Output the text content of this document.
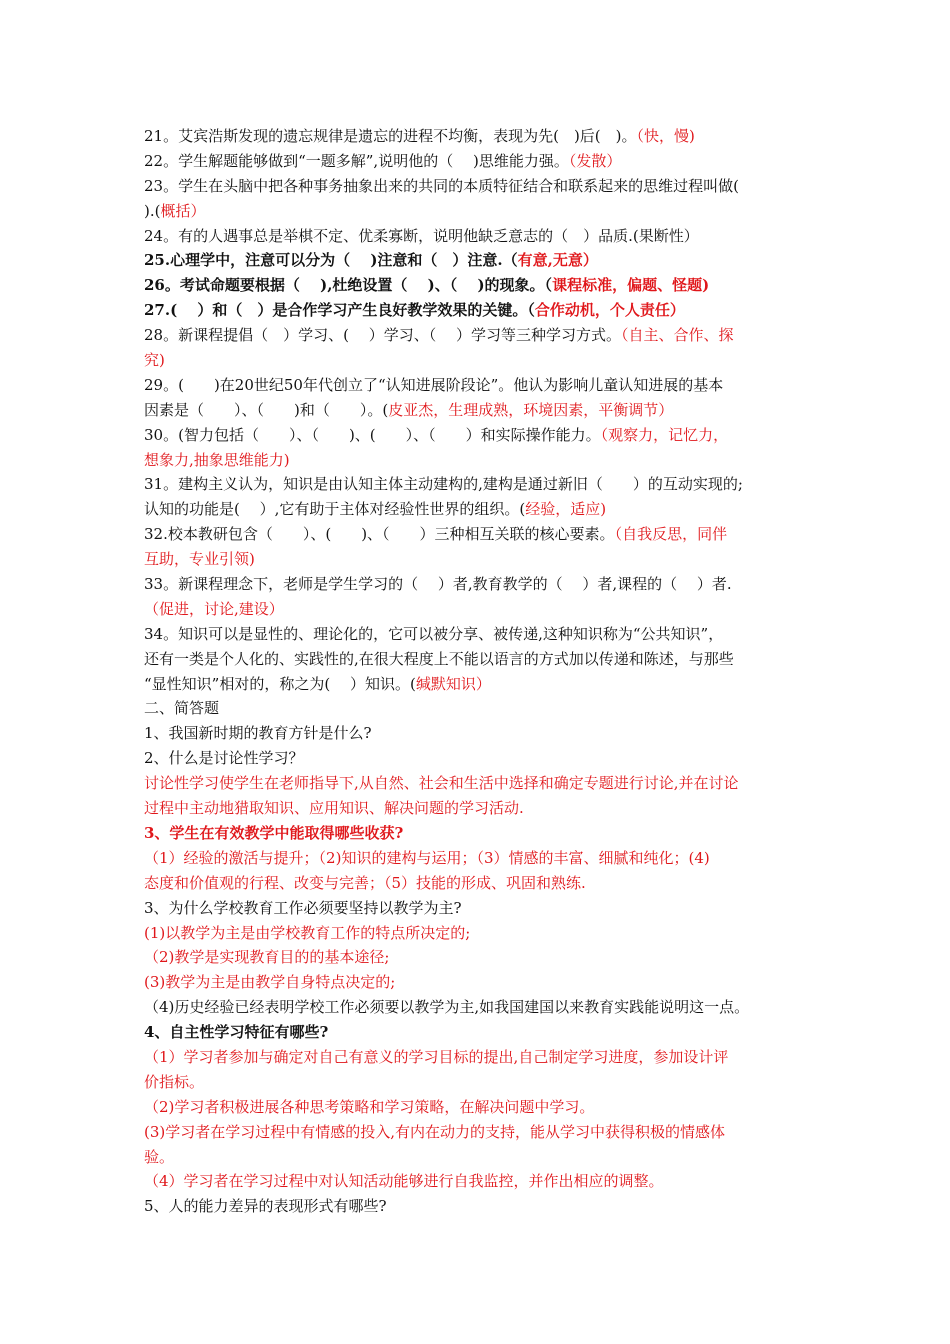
21。艾宾浩斯发现的遗忘规律是遗忘的进程不均衡，表现为先(　)后(　)。（快，慢)
22。学生解题能够做到“一题多解”,说明他的（　 )思维能力强。（发散）
23。学生在头脑中把各种事务抽象出来的共同的本质特征结合和联系起来的思维过程叫做(
).(概括）
24。有的人遇事总是举棋不定、优柔寡断，说明他缺乏意志的（　）品质.(果断性）
25.心理学中，注意可以分为（　 )注意和（　）注意.（有意,无意）
26。考试命题要根据（　 ),杜绝设置（　 )、（　 )的现象。（课程标准，偏题、怪题)
27.(　 ）和（　）是合作学习产生良好教学效果的关键。（合作动机，个人责任）
28。新课程提倡（　）学习、(　 ）学习、（　 ）学习等三种学习方式。（自主、合作、探
究)
29。(　　)在20世纪50年代创立了“认知进展阶段论”。他认为影响儿童认知进展的基本
因素是（　　）、（　　)和（　　）。(皮亚杰，生理成熟，环境因素，平衡调节）
30。(智力包括（　　）、（　　)、(　　）、（　　）和实际操作能力。（观察力，记忆力，
想象力,抽象思维能力)
31。建构主义认为，知识是由认知主体主动建构的,建构是通过新旧（　　）的互动实现的;
认知的功能是(　 ）,它有助于主体对经验性世界的组织。(经验，适应)
32.校本教研包含（　　）、(　　)、（　　）三种相互关联的核心要素。（自我反思，同伴
互助，专业引领)
33。新课程理念下，老师是学生学习的（　 ）者,教育教学的（　 ）者,课程的（　 ）者.
（促进，讨论,建设）
34。知识可以是显性的、理论化的，它可以被分享、被传递,这种知识称为“公共知识”，
还有一类是个人化的、实践性的,在很大程度上不能以语言的方式加以传递和陈述，与那些
“显性知识”相对的，称之为(　 ）知识。(缄默知识）
二、简答题
1、我国新时期的教育方针是什么?
2、什么是讨论性学习？
讨论性学习使学生在老师指导下,从自然、社会和生活中选择和确定专题进行讨论,并在讨论
过程中主动地猎取知识、应用知识、解决问题的学习活动.
3、学生在有效教学中能取得哪些收获?
（1）经验的激活与提升；（2)知识的建构与运用；（3）情感的丰富、细腻和纯化；(4)
态度和价值观的行程、改变与完善；（5）技能的形成、巩固和熟练.
3、为什么学校教育工作必须要坚持以教学为主?
(1)以教学为主是由学校教育工作的特点所决定的;
（2)教学是实现教育目的的基本途径;
(3)教学为主是由教学自身特点决定的;
（4)历史经验已经表明学校工作必须要以教学为主,如我国建国以来教育实践能说明这一点。
4、自主性学习特征有哪些?
（1）学习者参加与确定对自己有意义的学习目标的提出,自己制定学习进度，参加设计评
价指标。
（2)学习者积极进展各种思考策略和学习策略，在解决问题中学习。
(3)学习者在学习过程中有情感的投入,有内在动力的支持，能从学习中获得积极的情感体
验。
（4）学习者在学习过程中对认知活动能够进行自我监控，并作出相应的调整。
5、人的能力差异的表现形式有哪些?
